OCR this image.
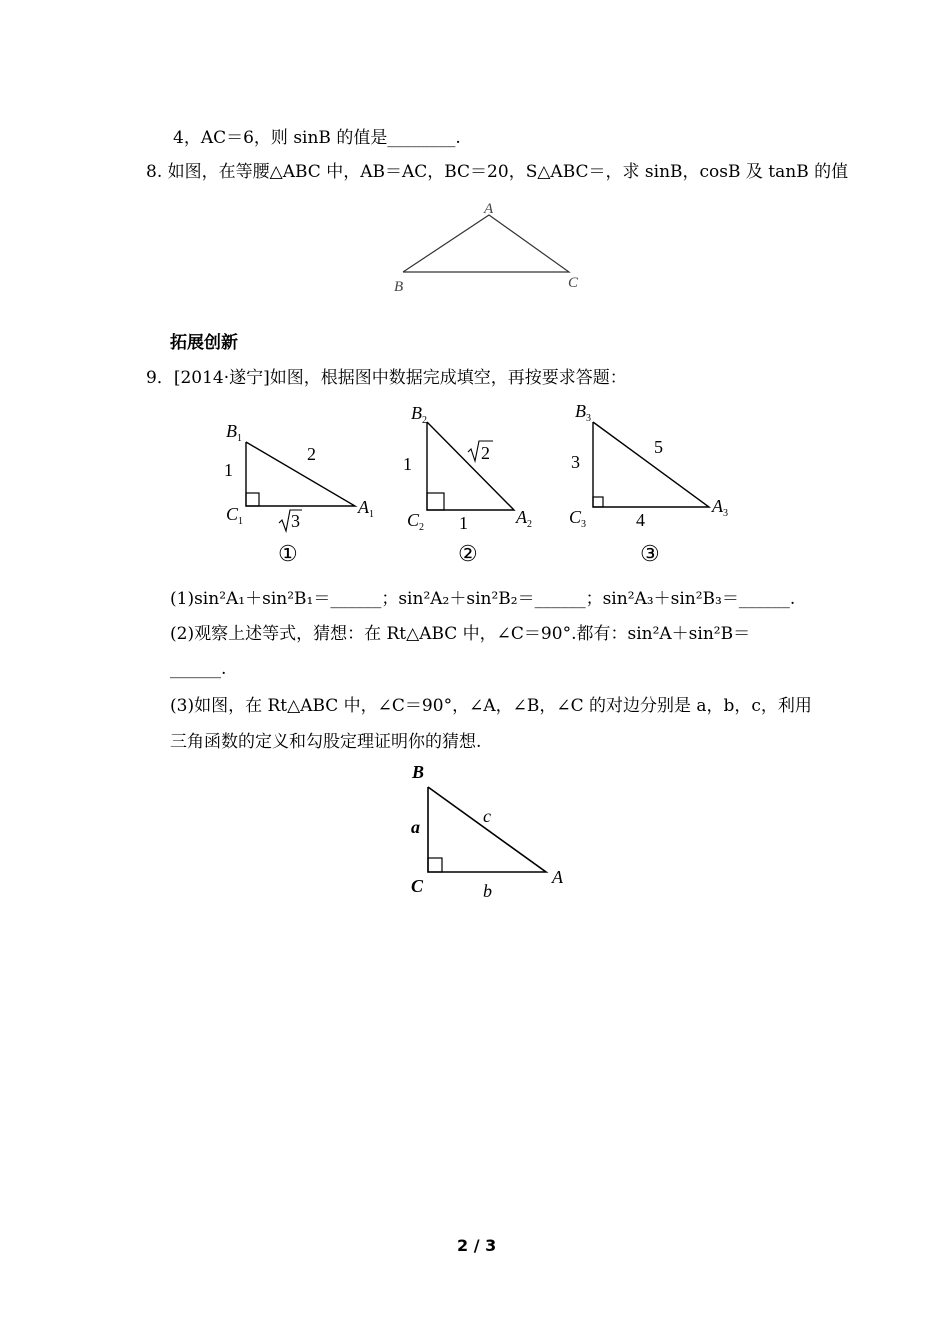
4，AC＝6，则 sinB 的值是________.
8. 如图，在等腰△ABC 中，AB＝AC，BC＝20，S△ABC＝，求 sinB，cosB 及 tanB 的值
A
B	C
拓展创新
9．[2014·遂宁]如图，根据图中数据完成填空，再按要求答题：
$B_1$
$C_1$
$A_1$
1
2
3
①
$B_2$
$C_2$
$A_2$
1
2
1
②
$B_3$
$C_3$
$A_3$
3
5
4
③
(1)sin²A₁＋sin²B₁＝______；sin²A₂＋sin²B₂＝______；sin²A₃＋sin²B₃＝______.
(2)观察上述等式，猜想：在 Rt△ABC 中，∠C＝90°.都有：sin²A＋sin²B＝
______.
(3)如图，在 Rt△ABC 中，∠C＝90°，∠A，∠B，∠C 的对边分别是 a，b，c，利用
三角函数的定义和勾股定理证明你的猜想.
B
C	A
a
c
b
2 / 3
